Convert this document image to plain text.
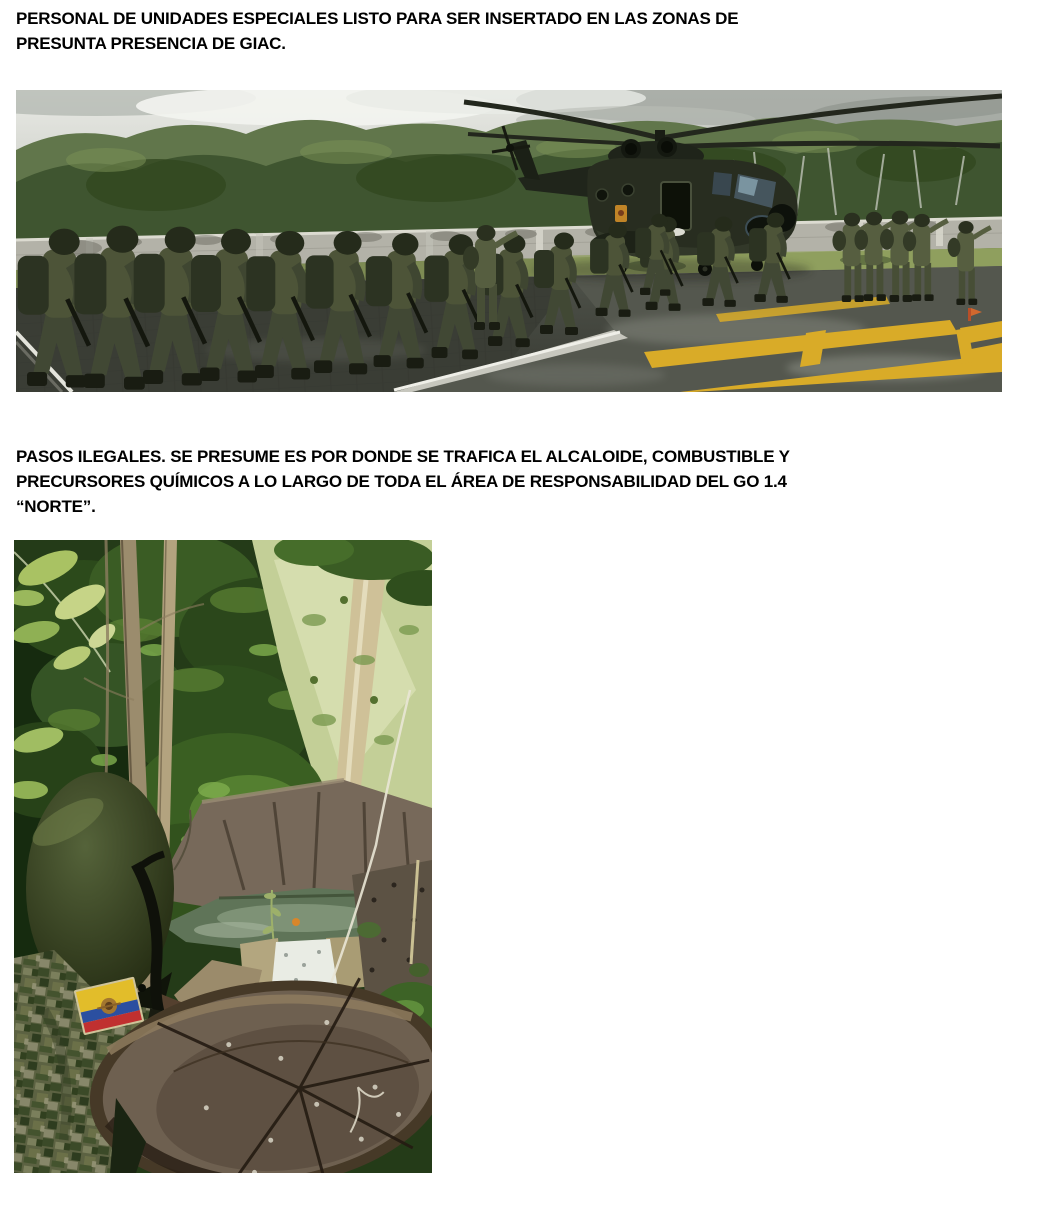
PERSONAL DE UNIDADES ESPECIALES LISTO PARA SER INSERTADO EN LAS ZONAS DE
PRESUNTA PRESENCIA DE GIAC.

PASOS ILEGALES. SE PRESUME ES POR DONDE SE TRAFICA EL ALCALOIDE, COMBUSTIBLE Y
PRECURSORES QUÍMICOS A LO LARGO DE TODA EL ÁREA DE RESPONSABILIDAD DEL GO 1.4
“NORTE”.
